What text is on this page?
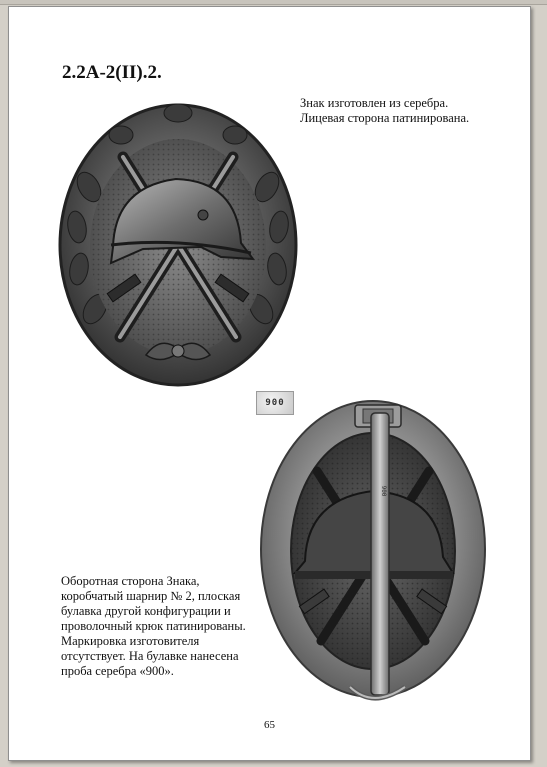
2.2А-2(II).2.
Знак изготовлен из серебра.
Лицевая сторона патинирована.
900
900
Оборотная сторона Знака, коробчатый шарнир № 2, плоская булавка другой конфигурации и проволочный крюк патинированы. Маркировка изготовителя отсутствует. На булавке нанесена проба серебра «900».
65
